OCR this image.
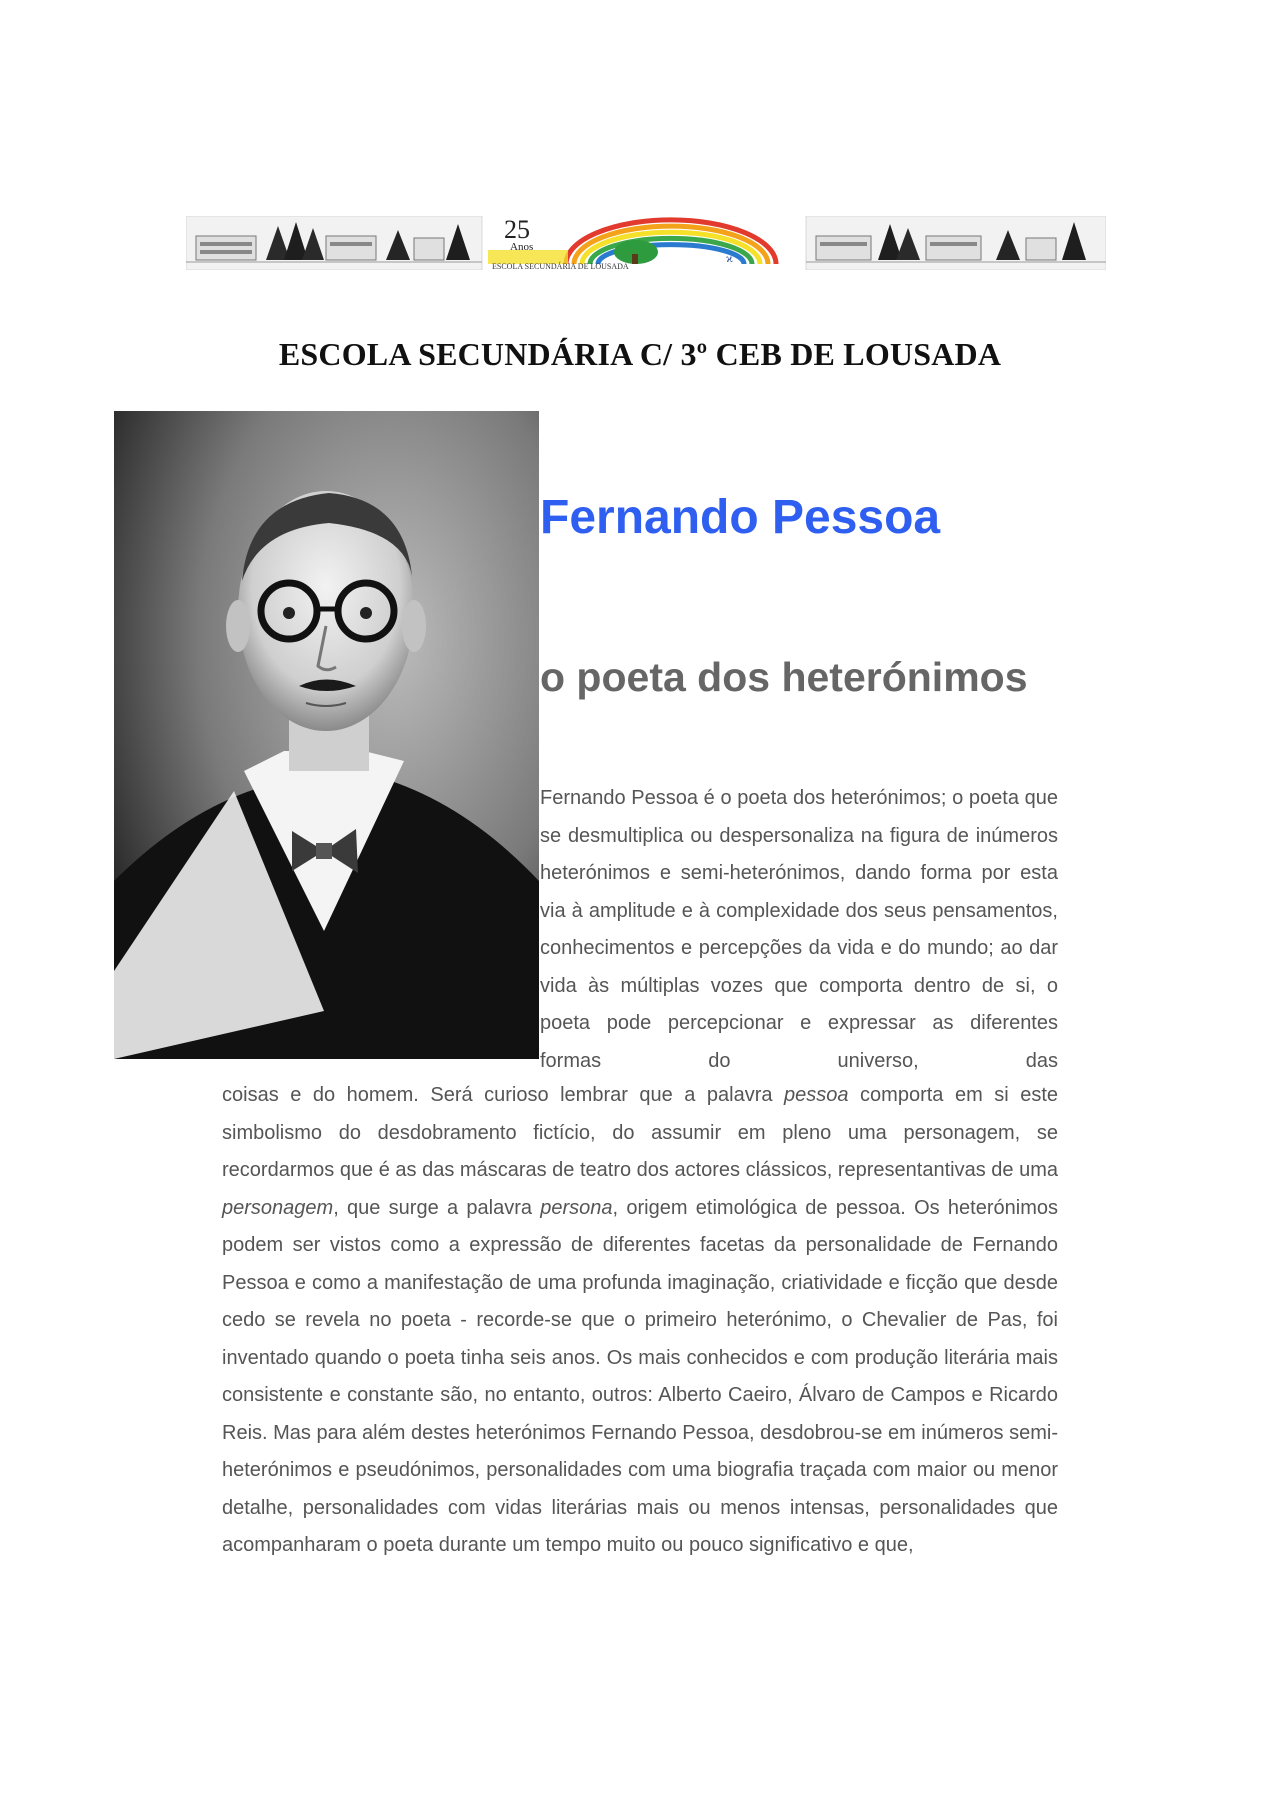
25
Anos
ESCOLA SECUNDÁRIA DE LOUSADA
ϰ
ESCOLA SECUNDÁRIA C/ 3º CEB DE LOUSADA
Fernando Pessoa
o poeta dos heterónimos

Fernando Pessoa é o poeta dos heterónimos; o poeta que se desmultiplica ou despersonaliza na figura de inúmeros heterónimos e semi-heterónimos, dando forma por esta via à amplitude e à complexidade dos seus pensamentos, conhecimentos e percepções da vida e do mundo; ao dar vida às múltiplas vozes que comporta dentro de si, o poeta pode percepcionar e expressar as diferentes formas do universo, das

coisas e do homem. Será curioso lembrar que a palavra pessoa comporta em si este simbolismo do desdobramento fictício, do assumir em pleno uma personagem, se recordarmos que é as das máscaras de teatro dos actores clássicos, representantivas de uma personagem, que surge a palavra persona, origem etimológica de pessoa. Os heterónimos podem ser vistos como a expressão de diferentes facetas da personalidade de Fernando Pessoa e como a manifestação de uma profunda imaginação, criatividade e ficção que desde cedo se revela no poeta - recorde-se que o primeiro heterónimo, o Chevalier de Pas, foi inventado quando o poeta tinha seis anos. Os mais conhecidos e com produção literária mais consistente e constante são, no entanto, outros: Alberto Caeiro, Álvaro de Campos e Ricardo Reis. Mas para além destes heterónimos Fernando Pessoa, desdobrou-se em inúmeros semi-heterónimos e pseudónimos, personalidades com uma biografia traçada com maior ou menor detalhe, personalidades com vidas literárias mais ou menos intensas, personalidades que acompanharam o poeta durante um tempo muito ou pouco significativo e que,
